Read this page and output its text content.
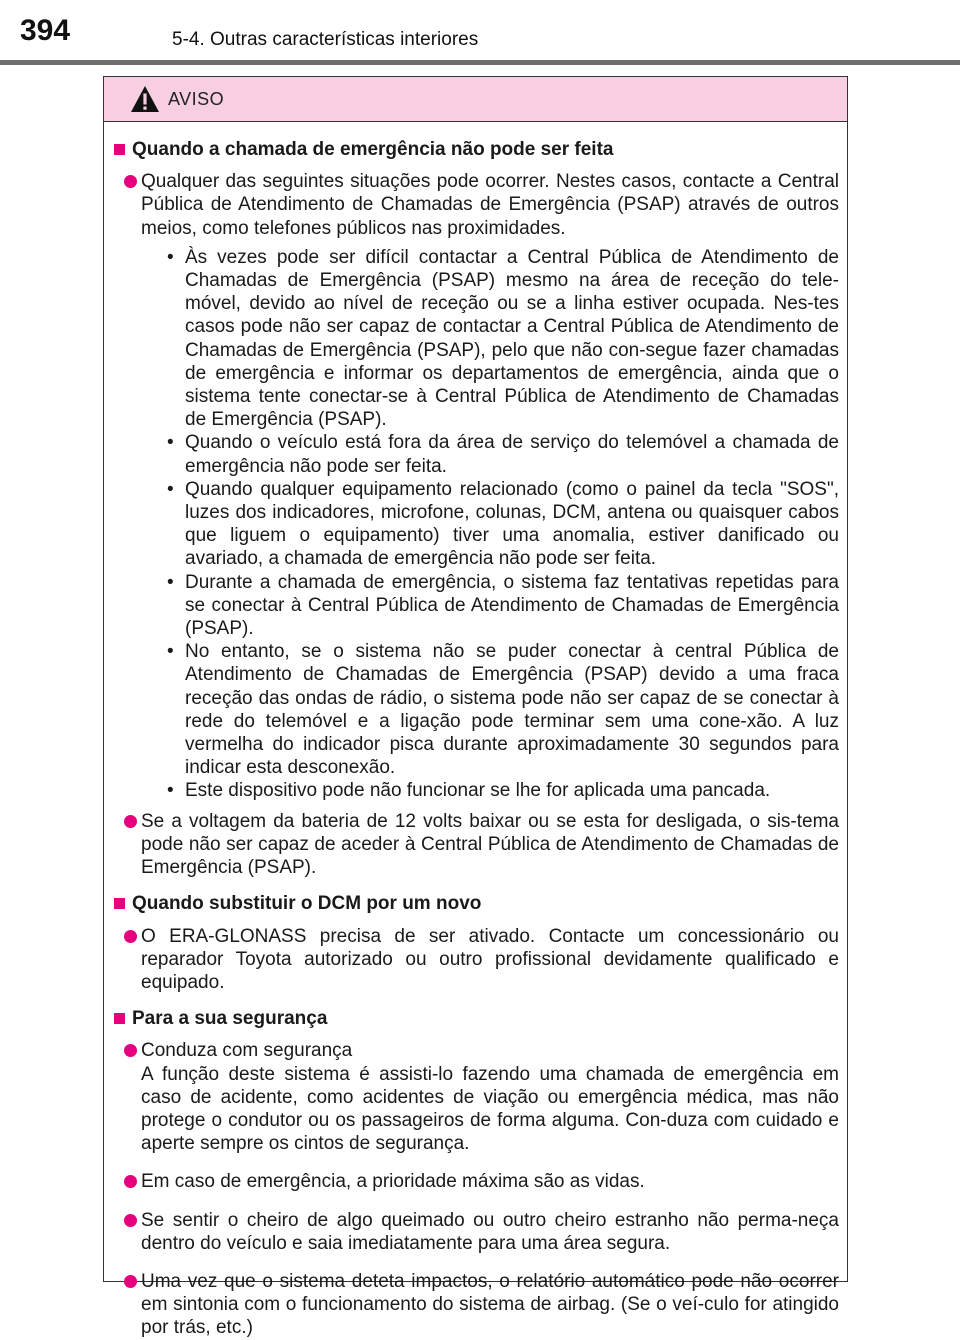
394	5-4. Outras características interiores
AVISO
Quando a chamada de emergência não pode ser feita
Qualquer das seguintes situações pode ocorrer. Nestes casos, contacte a Central Pública de Atendimento de Chamadas de Emergência (PSAP) através de outros meios, como telefones públicos nas proximidades.
• Às vezes pode ser difícil contactar a Central Pública de Atendimento de Chamadas de Emergência (PSAP) mesmo na área de receção do tele-móvel, devido ao nível de receção ou se a linha estiver ocupada. Nes-tes casos pode não ser capaz de contactar a Central Pública de Atendimento de Chamadas de Emergência (PSAP), pelo que não con-segue fazer chamadas de emergência e informar os departamentos de emergência, ainda que o sistema tente conectar-se à Central Pública de Atendimento de Chamadas de Emergência (PSAP).
• Quando o veículo está fora da área de serviço do telemóvel a chamada de emergência não pode ser feita.
• Quando qualquer equipamento relacionado (como o painel da tecla "SOS", luzes dos indicadores, microfone, colunas, DCM, antena ou quaisquer cabos que liguem o equipamento) tiver uma anomalia, estiver danificado ou avariado, a chamada de emergência não pode ser feita.
• Durante a chamada de emergência, o sistema faz tentativas repetidas para se conectar à Central Pública de Atendimento de Chamadas de Emergência (PSAP).
• No entanto, se o sistema não se puder conectar à central Pública de Atendimento de Chamadas de Emergência (PSAP) devido a uma fraca receção das ondas de rádio, o sistema pode não ser capaz de se conectar à rede do telemóvel e a ligação pode terminar sem uma cone-xão. A luz vermelha do indicador pisca durante aproximadamente 30 segundos para indicar esta desconexão.
• Este dispositivo pode não funcionar se lhe for aplicada uma pancada.
Se a voltagem da bateria de 12 volts baixar ou se esta for desligada, o sis-tema pode não ser capaz de aceder à Central Pública de Atendimento de Chamadas de Emergência (PSAP).
Quando substituir o DCM por um novo
O ERA-GLONASS precisa de ser ativado. Contacte um concessionário ou reparador Toyota autorizado ou outro profissional devidamente qualificado e equipado.
Para a sua segurança
Conduza com segurança
A função deste sistema é assisti-lo fazendo uma chamada de emergência em caso de acidente, como acidentes de viação ou emergência médica, mas não protege o condutor ou os passageiros de forma alguma. Con-duza com cuidado e aperte sempre os cintos de segurança.
Em caso de emergência, a prioridade máxima são as vidas.
Se sentir o cheiro de algo queimado ou outro cheiro estranho não perma-neça dentro do veículo e saia imediatamente para uma área segura.
Uma vez que o sistema deteta impactos, o relatório automático pode não ocorrer em sintonia com o funcionamento do sistema de airbag. (Se o veí-culo for atingido por trás, etc.)
